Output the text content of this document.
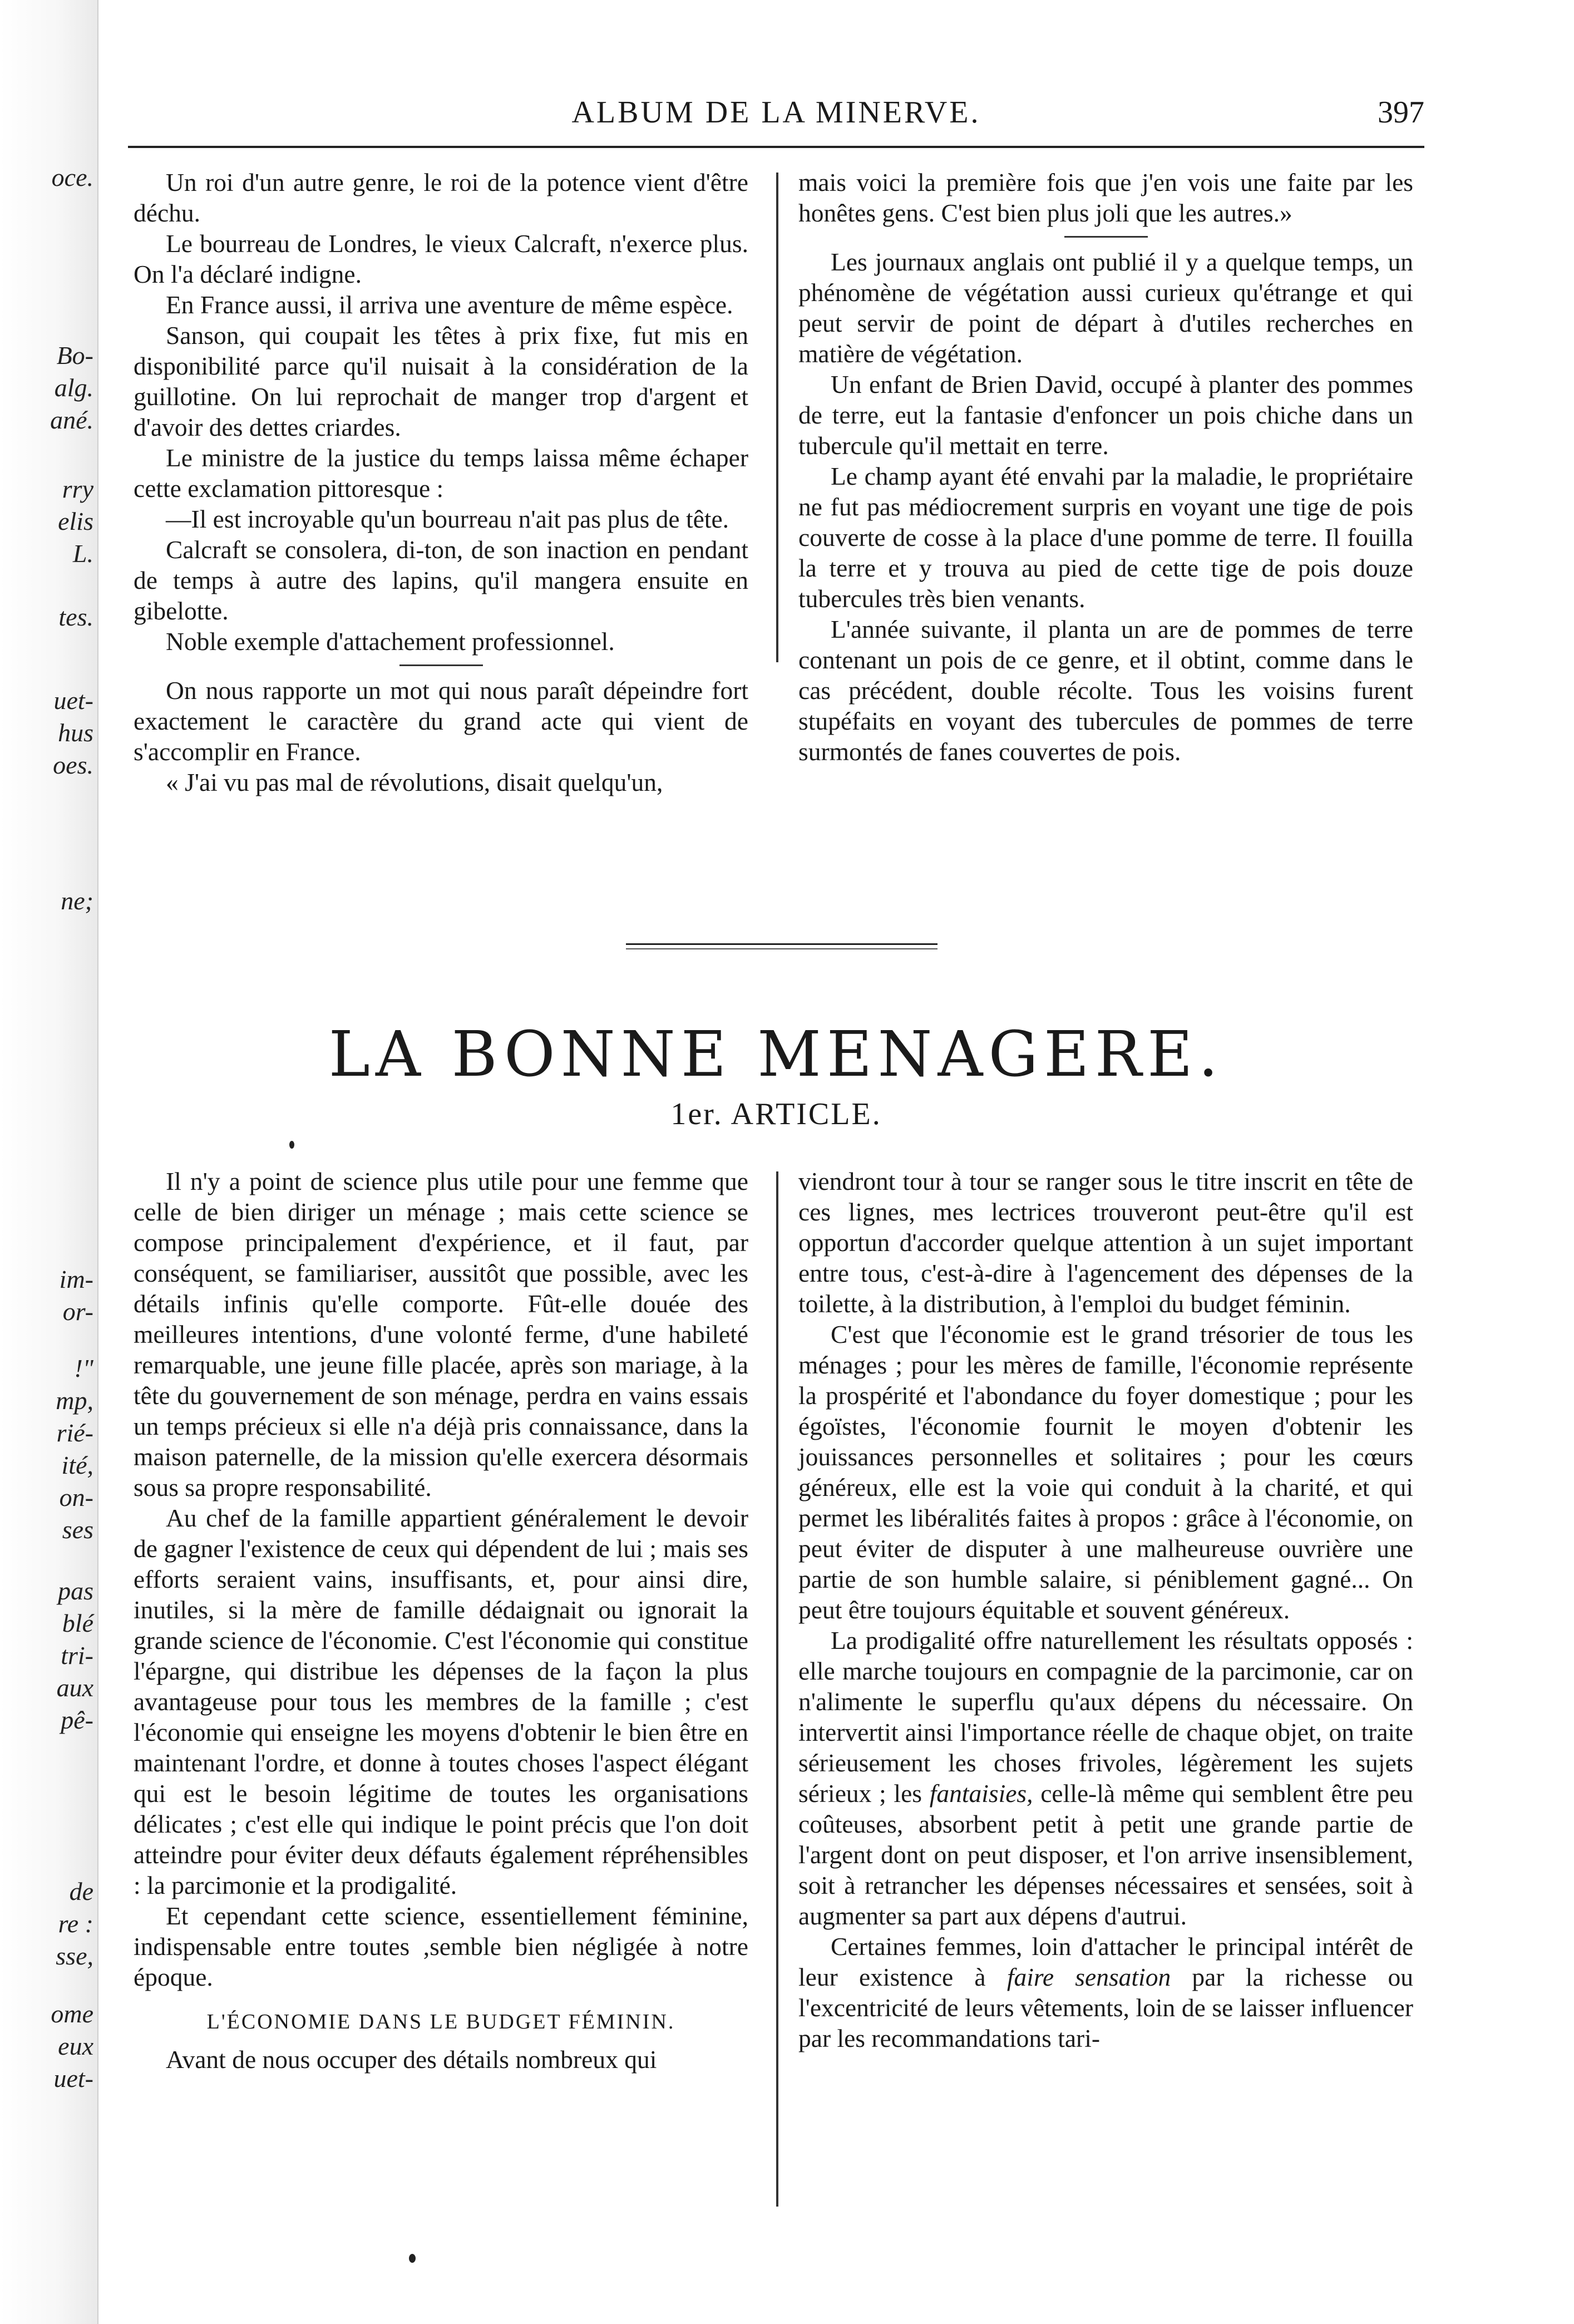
oce.
Bo-
alg.
ané.
rry
elis
L.
tes.
uet-
hus
oes.
ne;
im-
or-
!"
mp,
rié-
ité,
on-
ses
pas
blé
tri-
aux
pê-
de
re :
sse,
ome
eux
uet-
ALBUM DE LA MINERVE.	397

Un roi d'un autre genre, le roi de la potence vient d'être déchu.

Le bourreau de Londres, le vieux Calcraft, n'exerce plus. On l'a déclaré indigne.

En France aussi, il arriva une aventure de même espèce.

Sanson, qui coupait les têtes à prix fixe, fut mis en disponibilité parce qu'il nuisait à la considération de la guillotine. On lui reprochait de manger trop d'argent et d'avoir des dettes criardes.

Le ministre de la justice du temps laissa même échaper cette exclamation pittoresque :

—Il est incroyable qu'un bourreau n'ait pas plus de tête.

Calcraft se consolera, di-ton, de son inaction en pendant de temps à autre des lapins, qu'il mangera ensuite en gibelotte.

Noble exemple d'attachement professionnel.

On nous rapporte un mot qui nous paraît dépeindre fort exactement le caractère du grand acte qui vient de s'accomplir en France.

« J'ai vu pas mal de révolutions, disait quelqu'un,

mais voici la première fois que j'en vois une faite par les honêtes gens. C'est bien plus joli que les autres.»

Les journaux anglais ont publié il y a quelque temps, un phénomène de végétation aussi curieux qu'étrange et qui peut servir de point de départ à d'utiles recherches en matière de végétation.

Un enfant de Brien David, occupé à planter des pommes de terre, eut la fantasie d'enfoncer un pois chiche dans un tubercule qu'il mettait en terre.

Le champ ayant été envahi par la maladie, le propriétaire ne fut pas médiocrement surpris en voyant une tige de pois couverte de cosse à la place d'une pomme de terre. Il fouilla la terre et y trouva au pied de cette tige de pois douze tubercules très bien venants.

L'année suivante, il planta un are de pommes de terre contenant un pois de ce genre, et il obtint, comme dans le cas précédent, double récolte. Tous les voisins furent stupéfaits en voyant des tubercules de pommes de terre surmontés de fanes couvertes de pois.

LA BONNE MENAGERE.
1er. ARTICLE.

Il n'y a point de science plus utile pour une femme que celle de bien diriger un ménage ; mais cette science se compose principalement d'expérience, et il faut, par conséquent, se familiariser, aussitôt que possible, avec les détails infinis qu'elle comporte. Fût-elle douée des meilleures intentions, d'une volonté ferme, d'une habileté remarquable, une jeune fille placée, après son mariage, à la tête du gouvernement de son ménage, perdra en vains essais un temps précieux si elle n'a déjà pris connaissance, dans la maison paternelle, de la mission qu'elle exercera désormais sous sa propre responsabilité.

Au chef de la famille appartient généralement le devoir de gagner l'existence de ceux qui dépendent de lui ; mais ses efforts seraient vains, insuffisants, et, pour ainsi dire, inutiles, si la mère de famille dédaignait ou ignorait la grande science de l'économie. C'est l'économie qui constitue l'épargne, qui distribue les dépenses de la façon la plus avantageuse pour tous les membres de la famille ; c'est l'économie qui enseigne les moyens d'obtenir le bien être en maintenant l'ordre, et donne à toutes choses l'aspect élégant qui est le besoin légitime de toutes les organisations délicates ; c'est elle qui indique le point précis que l'on doit atteindre pour éviter deux défauts également répréhensibles : la parcimonie et la prodigalité.

Et cependant cette science, essentiellement féminine, indispensable entre toutes ,semble bien négligée à notre époque.

L'ÉCONOMIE DANS LE BUDGET FÉMININ.

Avant de nous occuper des détails nombreux qui

viendront tour à tour se ranger sous le titre inscrit en tête de ces lignes, mes lectrices trouveront peut-être qu'il est opportun d'accorder quelque attention à un sujet important entre tous, c'est-à-dire à l'agencement des dépenses de la toilette, à la distribution, à l'emploi du budget féminin.

C'est que l'économie est le grand trésorier de tous les ménages ; pour les mères de famille, l'économie représente la prospérité et l'abondance du foyer domestique ; pour les égoïstes, l'économie fournit le moyen d'obtenir les jouissances personnelles et solitaires ; pour les cœurs généreux, elle est la voie qui conduit à la charité, et qui permet les libéralités faites à propos : grâce à l'économie, on peut éviter de disputer à une malheureuse ouvrière une partie de son humble salaire, si péniblement gagné... On peut être toujours équitable et souvent généreux.

La prodigalité offre naturellement les résultats opposés : elle marche toujours en compagnie de la parcimonie, car on n'alimente le superflu qu'aux dépens du nécessaire. On intervertit ainsi l'importance réelle de chaque objet, on traite sérieusement les choses frivoles, légèrement les sujets sérieux ; les fantaisies, celle-là même qui semblent être peu coûteuses, absorbent petit à petit une grande partie de l'argent dont on peut disposer, et l'on arrive insensiblement, soit à retrancher les dépenses nécessaires et sensées, soit à augmenter sa part aux dépens d'autrui.

Certaines femmes, loin d'attacher le principal intérêt de leur existence à faire sensation par la richesse ou l'excentricité de leurs vêtements, loin de se laisser influencer par les recommandations tari-
